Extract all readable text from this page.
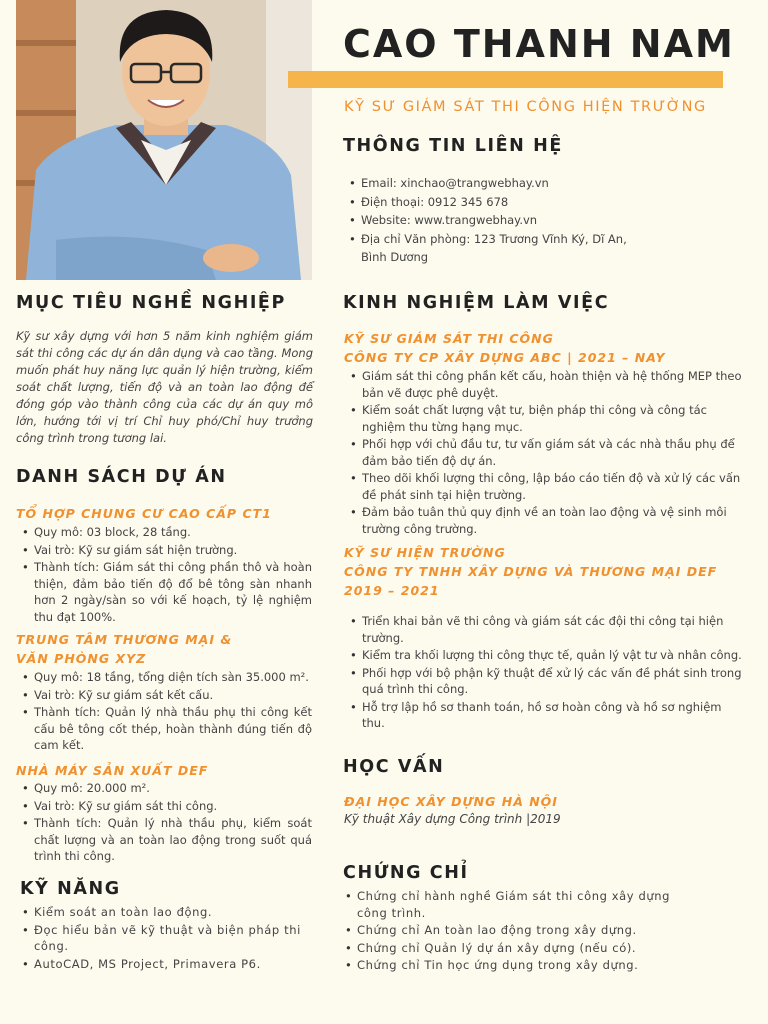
CAO THANH NAM
KỸ SƯ GIÁM SÁT THI CÔNG HIỆN TRƯỜNG
THÔNG TIN LIÊN HỆ
• Email: xinchao@trangwebhay.vn
• Điện thoại: 0912 345 678
• Website: www.trangwebhay.vn
• Địa chỉ Văn phòng: 123 Trương Vĩnh Ký, Dĩ An, Bình Dương
MỤC TIÊU NGHỀ NGHIỆP
Kỹ sư xây dựng với hơn 5 năm kinh nghiệm giám sát thi công các dự án dân dụng và cao tầng. Mong muốn phát huy năng lực quản lý hiện trường, kiểm soát chất lượng, tiến độ và an toàn lao động để đóng góp vào thành công của các dự án quy mô lớn, hướng tới vị trí Chỉ huy phó/Chỉ huy trưởng công trình trong tương lai.
DANH SÁCH DỰ ÁN
TỔ HỢP CHUNG CƯ CAO CẤP CT1
• Quy mô: 03 block, 28 tầng.
• Vai trò: Kỹ sư giám sát hiện trường.
• Thành tích: Giám sát thi công phần thô và hoàn thiện, đảm bảo tiến độ đổ bê tông sàn nhanh hơn 2 ngày/sàn so với kế hoạch, tỷ lệ nghiệm thu đạt 100%.
TRUNG TÂM THƯƠNG MẠI & VĂN PHÒNG XYZ
• Quy mô: 18 tầng, tổng diện tích sàn 35.000 m².
• Vai trò: Kỹ sư giám sát kết cấu.
• Thành tích: Quản lý nhà thầu phụ thi công kết cấu bê tông cốt thép, hoàn thành đúng tiến độ cam kết.
NHÀ MÁY SẢN XUẤT DEF
• Quy mô: 20.000 m².
• Vai trò: Kỹ sư giám sát thi công.
• Thành tích: Quản lý nhà thầu phụ, kiểm soát chất lượng và an toàn lao động trong suốt quá trình thi công.
KỸ NĂNG
• Kiểm soát an toàn lao động.
• Đọc hiểu bản vẽ kỹ thuật và biện pháp thi công.
• AutoCAD, MS Project, Primavera P6.
KINH NGHIỆM LÀM VIỆC
KỸ SƯ GIÁM SÁT THI CÔNG
CÔNG TY CP XÂY DỰNG ABC | 2021 – NAY
• Giám sát thi công phần kết cấu, hoàn thiện và hệ thống MEP theo bản vẽ được phê duyệt.
• Kiểm soát chất lượng vật tư, biện pháp thi công và công tác nghiệm thu từng hạng mục.
• Phối hợp với chủ đầu tư, tư vấn giám sát và các nhà thầu phụ để đảm bảo tiến độ dự án.
• Theo dõi khối lượng thi công, lập báo cáo tiến độ và xử lý các vấn đề phát sinh tại hiện trường.
• Đảm bảo tuân thủ quy định về an toàn lao động và vệ sinh môi trường công trường.
KỸ SƯ HIỆN TRƯỜNG
CÔNG TY TNHH XÂY DỰNG VÀ THƯƠNG MẠI DEF
2019 – 2021
• Triển khai bản vẽ thi công và giám sát các đội thi công tại hiện trường.
• Kiểm tra khối lượng thi công thực tế, quản lý vật tư và nhân công.
• Phối hợp với bộ phận kỹ thuật để xử lý các vấn đề phát sinh trong quá trình thi công.
• Hỗ trợ lập hồ sơ thanh toán, hồ sơ hoàn công và hồ sơ nghiệm thu.
HỌC VẤN
ĐẠI HỌC XÂY DỰNG HÀ NỘI
Kỹ thuật Xây dựng Công trình |2019
CHỨNG CHỈ
• Chứng chỉ hành nghề Giám sát thi công xây dựng công trình.
• Chứng chỉ An toàn lao động trong xây dựng.
• Chứng chỉ Quản lý dự án xây dựng (nếu có).
• Chứng chỉ Tin học ứng dụng trong xây dựng.
